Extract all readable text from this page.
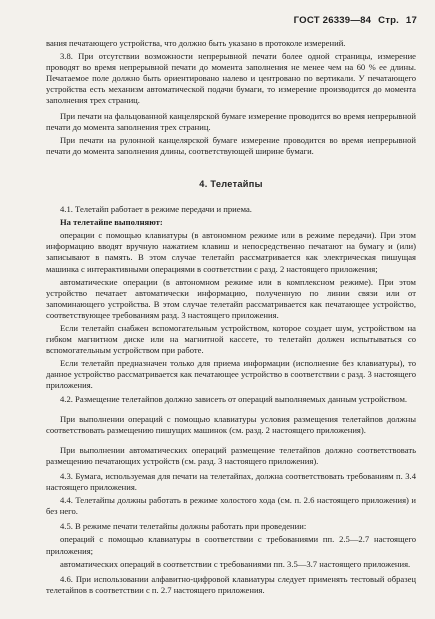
ГОСТ 26339—84 Стр. 17

вания печатающего устройства, что должно быть указано в протоколе измерений.

3.8. При отсутствии возможности непрерывной печати более одной страницы, измерение проводят во время непрерывной печати до момента заполнения не менее чем на 60 % ее длины. Печатаемое поле должно быть ориентировано налево и центровано по вертикали. У печатающего устройства есть механизм автоматической подачи бумаги, то измерение производится до момента заполнения трех страниц.

При печати на фальцованной канцелярской бумаге измерение проводится во время непрерывной печати до момента заполнения трех страниц.

При печати на рулонной канцелярской бумаге измерение проводится во время непрерывной печати до момента заполнения длины, соответствующей ширине бумаги.

4. Телетайпы

4.1. Телетайп работает в режиме передачи и приема.

На телетайпе выполняют:

операции с помощью клавиатуры (в автономном режиме или в режиме передачи). При этом информацию вводят вручную нажатием клавиш и непосредственно печатают на бумагу и (или) записывают в память. В этом случае телетайп рассматривается как электрическая пишущая машинка с интерактивными операциями в соответствии с разд. 2 настоящего приложения;

автоматические операции (в автономном режиме или в комплексном режиме). При этом устройство печатает автоматически информацию, полученную по линии связи или от запоминающего устройства. В этом случае телетайп рассматривается как печатающее устройство, соответствующее требованиям разд. 3 настоящего приложения.

Если телетайп снабжен вспомогательным устройством, которое создает шум, устройством на гибком магнитном диске или на магнитной кассете, то телетайп должен испытываться со вспомогательным устройством при работе.

Если телетайп предназначен только для приема информации (исполнение без клавиатуры), то данное устройство рассматривается как печатающее устройство в соответствии с разд. 3 настоящего приложения.

4.2. Размещение телетайпов должно зависеть от операций выполняемых данным устройством.

При выполнении операций с помощью клавиатуры условия размещения телетайпов должны соответствовать размещению пишущих машинок (см. разд. 2 настоящего приложения).

При выполнении автоматических операций размещение телетайпов должно соответствовать размещению печатающих устройств (см. разд. 3 настоящего приложения).

4.3. Бумага, используемая для печати на телетайпах, должна соответствовать требованиям п. 3.4 настоящего приложения.

4.4. Телетайпы должны работать в режиме холостого хода (см. п. 2.6 настоящего приложения) и без него.

4.5. В режиме печати телетайпы должны работать при проведении:

операций с помощью клавиатуры в соответствии с требованиями пп. 2.5—2.7 настоящего приложения;

автоматических операций в соответствии с требованиями пп. 3.5—3.7 настоящего приложения.

4.6. При использовании алфавитно-цифровой клавиатуры следует применять тестовый образец телетайпов в соответствии с п. 2.7 настоящего приложения.
